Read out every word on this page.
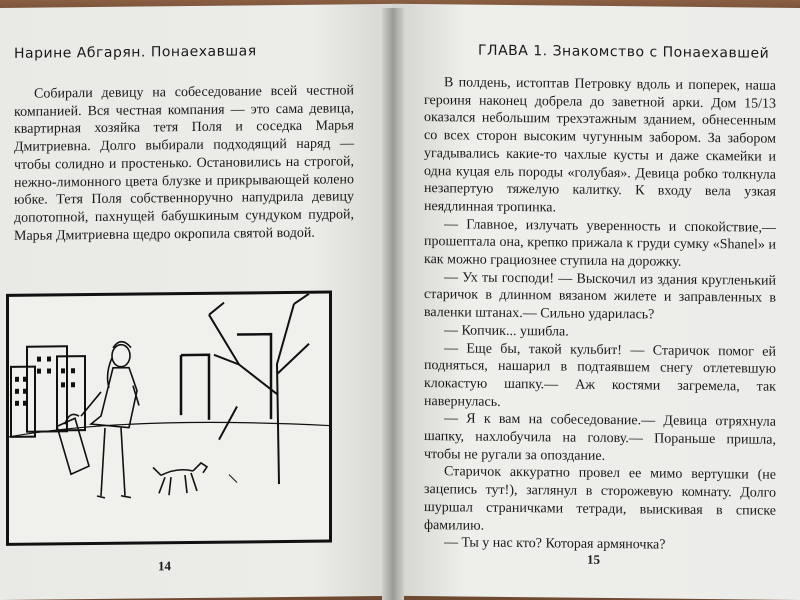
Нарине Абгарян. Понаехавшая

Собирали девицу на собеседование всей честной компанией. Вся честная компания — это сама девица, квартирная хозяйка тетя Поля и соседка Марья Дмитриевна. Долго выбирали подходящий наряд — чтобы солидно и простенько. Остановились на строгой, нежно-лимонного цвета блузке и прикрывающей колено юбке. Тетя Поля собственноручно напудрила девицу допотопной, пахнущей бабушкиным сундуком пудрой, Марья Дмитриевна щедро окропила святой водой.

14
ГЛАВА 1. Знакомство с Понаехавшей

В полдень, истоптав Петровку вдоль и поперек, наша героиня наконец добрела до заветной арки. Дом 15/13 оказался небольшим трехэтажным зданием, обнесенным со всех сторон высоким чугунным забором. За забором угадывались какие-то чахлые кусты и даже скамейки и одна куцая ель породы «голубая». Девица робко толкнула незапертую тяжелую калитку. К входу вела узкая неядлинная тропинка.

— Главное, излучать уверенность и спокойствие,— прошептала она, крепко прижала к груди сумку «Shanel» и как можно грациознее ступила на дорожку.

— Ух ты господи! — Выскочил из здания кругленький старичок в длинном вязаном жилете и заправленных в валенки штанах.— Сильно ударилась?

— Копчик... ушибла.

— Еще бы, такой кульбит! — Старичок помог ей подняться, нашарил в подтаявшем снегу отлетевшую клокастую шапку.— Аж костями загремела, так навернулась.

— Я к вам на собеседование.— Девица отряхнула шапку, нахлобучила на голову.— Пораньше пришла, чтобы не ругали за опоздание.

Старичок аккуратно провел ее мимо вертушки (не зацепись тут!), заглянул в сторожевую комнату. Долго шуршал страничками тетради, выискивая в списке фамилию.

— Ты у нас кто? Которая армяночка?

15
